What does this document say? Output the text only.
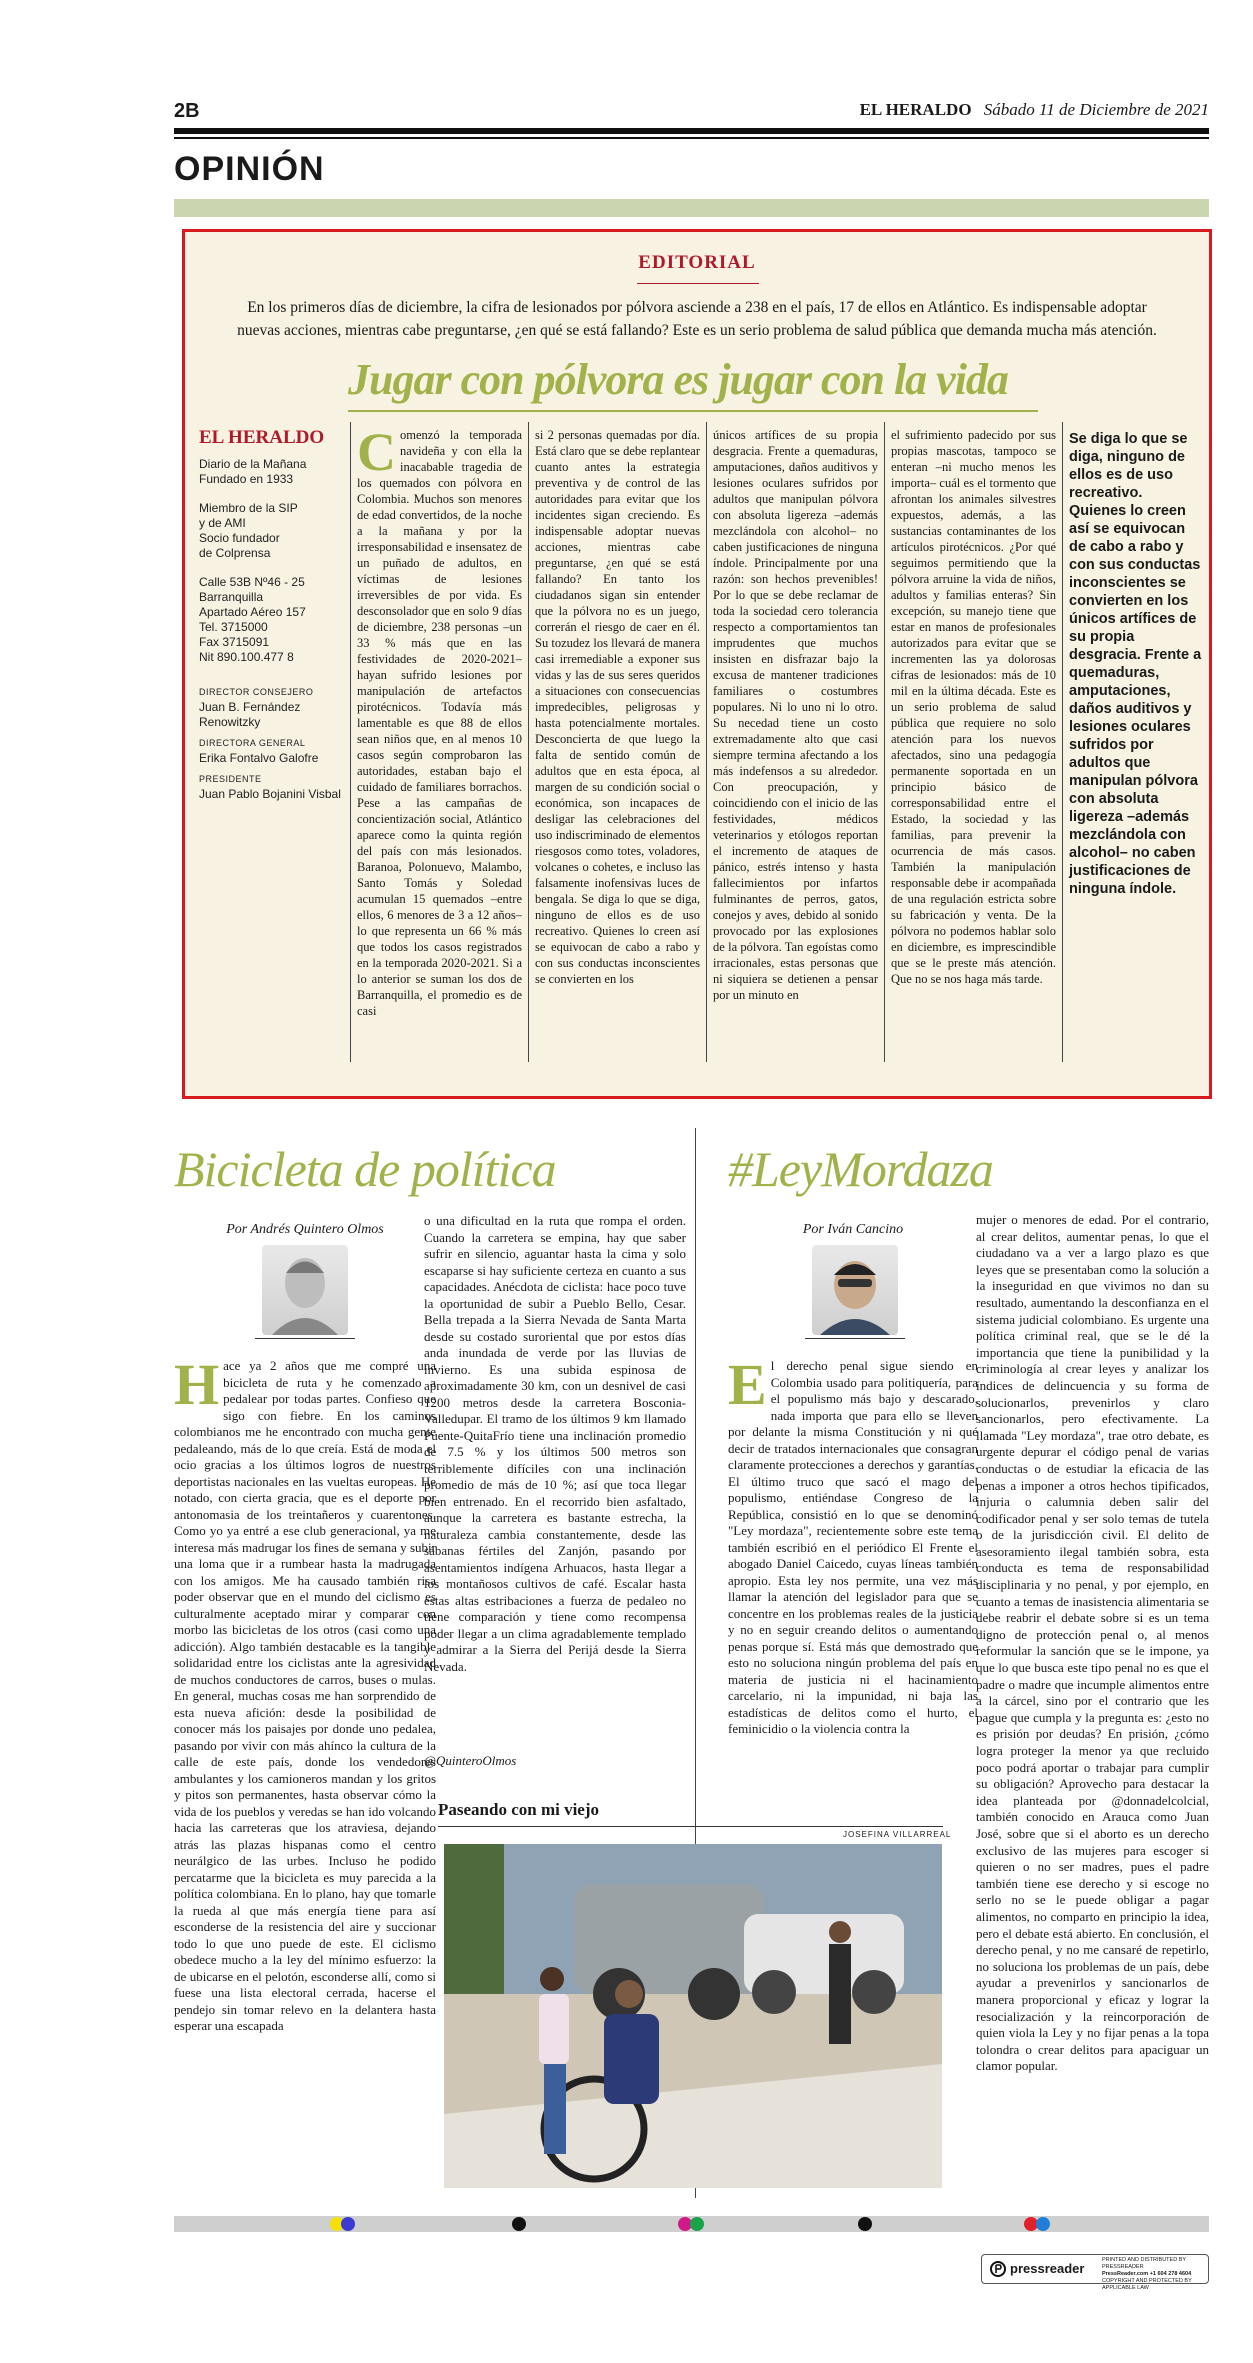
2B	EL HERALDO Sábado 11 de Diciembre de 2021
OPINIÓN
EDITORIAL
En los primeros días de diciembre, la cifra de lesionados por pólvora asciende a 238 en el país, 17 de ellos en Atlántico. Es indispensable adoptar nuevas acciones, mientras cabe preguntarse, ¿en qué se está fallando? Este es un serio problema de salud pública que demanda mucha más atención.
Jugar con pólvora es jugar con la vida
EL HERALDO
Diario de la Mañana
Fundado en 1933
Miembro de la SIP
y de AMI
Socio fundador
de Colprensa
Calle 53B Nº46 - 25
Barranquilla
Apartado Aéreo 157
Tel. 3715000
Fax 3715091
Nit 890.100.477 8
DIRECTOR CONSEJERO
Juan B. Fernández Renowitzky
DIRECTORA GENERAL
Erika Fontalvo Galofre
PRESIDENTE
Juan Pablo Bojanini Visbal
Comenzó la temporada navideña y con ella la inacabable tragedia de los quemados con pólvora en Colombia. Muchos son menores de edad convertidos, de la noche a la mañana y por la irresponsabilidad e insensatez de un puñado de adultos, en víctimas de lesiones irreversibles de por vida. Es desconsolador que en solo 9 días de diciembre, 238 personas –un 33 % más que en las festividades de 2020-2021– hayan sufrido lesiones por manipulación de artefactos pirotécnicos. Todavía más lamentable es que 88 de ellos sean niños que, en al menos 10 casos según comprobaron las autoridades, estaban bajo el cuidado de familiares borrachos. Pese a las campañas de concientización social, Atlántico aparece como la quinta región del país con más lesionados. Baranoa, Polonuevo, Malambo, Santo Tomás y Soledad acumulan 15 quemados –entre ellos, 6 menores de 3 a 12 años– lo que representa un 66 % más que todos los casos registrados en la temporada 2020-2021. Si a lo anterior se suman los dos de Barranquilla, el promedio es de casi
si 2 personas quemadas por día. Está claro que se debe replantear cuanto antes la estrategia preventiva y de control de las autoridades para evitar que los incidentes sigan creciendo. Es indispensable adoptar nuevas acciones, mientras cabe preguntarse, ¿en qué se está fallando? En tanto los ciudadanos sigan sin entender que la pólvora no es un juego, correrán el riesgo de caer en él. Su tozudez los llevará de manera casi irremediable a exponer sus vidas y las de sus seres queridos a situaciones con consecuencias impredecibles, peligrosas y hasta potencialmente mortales. Desconcierta de que luego la falta de sentido común de adultos que en esta época, al margen de su condición social o económica, son incapaces de desligar las celebraciones del uso indiscriminado de elementos riesgosos como totes, voladores, volcanes o cohetes, e incluso las falsamente inofensivas luces de bengala. Se diga lo que se diga, ninguno de ellos es de uso recreativo. Quienes lo creen así se equivocan de cabo a rabo y con sus conductas inconscientes se convierten en los
únicos artífices de su propia desgracia. Frente a quemaduras, amputaciones, daños auditivos y lesiones oculares sufridos por adultos que manipulan pólvora con absoluta ligereza –además mezclándola con alcohol– no caben justificaciones de ninguna índole. Principalmente por una razón: son hechos prevenibles! Por lo que se debe reclamar de toda la sociedad cero tolerancia respecto a comportamientos tan imprudentes que muchos insisten en disfrazar bajo la excusa de mantener tradiciones familiares o costumbres populares. Ni lo uno ni lo otro. Su necedad tiene un costo extremadamente alto que casi siempre termina afectando a los más indefensos a su alrededor. Con preocupación, y coincidiendo con el inicio de las festividades, médicos veterinarios y etólogos reportan el incremento de ataques de pánico, estrés intenso y hasta fallecimientos por infartos fulminantes de perros, gatos, conejos y aves, debido al sonido provocado por las explosiones de la pólvora. Tan egoístas como irracionales, estas personas que ni siquiera se detienen a pensar por un minuto en
el sufrimiento padecido por sus propias mascotas, tampoco se enteran –ni mucho menos les importa– cuál es el tormento que afrontan los animales silvestres expuestos, además, a las sustancias contaminantes de los artículos pirotécnicos. ¿Por qué seguimos permitiendo que la pólvora arruine la vida de niños, adultos y familias enteras? Sin excepción, su manejo tiene que estar en manos de profesionales autorizados para evitar que se incrementen las ya dolorosas cifras de lesionados: más de 10 mil en la última década. Este es un serio problema de salud pública que requiere no solo atención para los nuevos afectados, sino una pedagogía permanente soportada en un principio básico de corresponsabilidad entre el Estado, la sociedad y las familias, para prevenir la ocurrencia de más casos. También la manipulación responsable debe ir acompañada de una regulación estricta sobre su fabricación y venta. De la pólvora no podemos hablar solo en diciembre, es imprescindible que se le preste más atención. Que no se nos haga más tarde.
Se diga lo que se diga, ninguno de ellos es de uso recreativo. Quienes lo creen así se equivocan de cabo a rabo y con sus conductas inconscientes se convierten en los únicos artífices de su propia desgracia. Frente a quemaduras, amputaciones, daños auditivos y lesiones oculares sufridos por adultos que manipulan pólvora con absoluta ligereza –además mezclándola con alcohol– no caben justificaciones de ninguna índole.
Bicicleta de política
Por Andrés Quintero Olmos
Hace ya 2 años que me compré una bicicleta de ruta y he comenzado a pedalear por todas partes. Confieso que sigo con fiebre. En los caminos colombianos me he encontrado con mucha gente pedaleando, más de lo que creía. Está de moda el ocio gracias a los últimos logros de nuestros deportistas nacionales en las vueltas europeas. He notado, con cierta gracia, que es el deporte por antonomasia de los treintañeros y cuarentones. Como yo ya entré a ese club generacional, ya me interesa más madrugar los fines de semana y subir una loma que ir a rumbear hasta la madrugada con los amigos. Me ha causado también risa poder observar que en el mundo del ciclismo es culturalmente aceptado mirar y comparar con morbo las bicicletas de los otros (casi como una adicción). Algo también destacable es la tangible solidaridad entre los ciclistas ante la agresividad de muchos conductores de carros, buses o mulas. En general, muchas cosas me han sorprendido de esta nueva afición: desde la posibilidad de conocer más los paisajes por donde uno pedalea, pasando por vivir con más ahínco la cultura de la calle de este país, donde los vendedores ambulantes y los camioneros mandan y los gritos y pitos son permanentes, hasta observar cómo la vida de los pueblos y veredas se han ido volcando hacia las carreteras que los atraviesa, dejando atrás las plazas hispanas como el centro neurálgico de las urbes. Incluso he podido percatarme que la bicicleta es muy parecida a la política colombiana. En lo plano, hay que tomarle la rueda al que más energía tiene para así esconderse de la resistencia del aire y succionar todo lo que uno puede de este. El ciclismo obedece mucho a la ley del mínimo esfuerzo: la de ubicarse en el pelotón, esconderse allí, como si fuese una lista electoral cerrada, hacerse el pendejo sin tomar relevo en la delantera hasta esperar una escapada
o una dificultad en la ruta que rompa el orden. Cuando la carretera se empina, hay que saber sufrir en silencio, aguantar hasta la cima y solo escaparse si hay suficiente certeza en cuanto a sus capacidades. Anécdota de ciclista: hace poco tuve la oportunidad de subir a Pueblo Bello, Cesar. Bella trepada a la Sierra Nevada de Santa Marta desde su costado suroriental que por estos días anda inundada de verde por las lluvias de invierno. Es una subida espinosa de aproximadamente 30 km, con un desnivel de casi 1200 metros desde la carretera Bosconia-Valledupar. El tramo de los últimos 9 km llamado Puente-QuitaFrío tiene una inclinación promedio de 7.5 % y los últimos 500 metros son terriblemente difíciles con una inclinación promedio de más de 10 %; así que toca llegar bien entrenado. En el recorrido bien asfaltado, aunque la carretera es bastante estrecha, la naturaleza cambia constantemente, desde las sábanas fértiles del Zanjón, pasando por asentamientos indígena Arhuacos, hasta llegar a los montañosos cultivos de café. Escalar hasta estas altas estribaciones a fuerza de pedaleo no tiene comparación y tiene como recompensa poder llegar a un clima agradablemente templado y admirar a la Sierra del Perijá desde la Sierra Nevada.
@QuinteroOlmos
#LeyMordaza
Por Iván Cancino
El derecho penal sigue siendo en Colombia usado para politiquería, para el populismo más bajo y descarado, nada importa que para ello se lleven por delante la misma Constitución y ni qué decir de tratados internacionales que consagran claramente protecciones a derechos y garantías. El último truco que sacó el mago del populismo, entiéndase Congreso de la República, consistió en lo que se denominó "Ley mordaza", recientemente sobre este tema también escribió en el periódico El Frente el abogado Daniel Caicedo, cuyas líneas también apropio. Esta ley nos permite, una vez más llamar la atención del legislador para que se concentre en los problemas reales de la justicia y no en seguir creando delitos o aumentando penas porque sí. Está más que demostrado que esto no soluciona ningún problema del país en materia de justicia ni el hacinamiento carcelario, ni la impunidad, ni baja las estadísticas de delitos como el hurto, el feminicidio o la violencia contra la
mujer o menores de edad. Por el contrario, al crear delitos, aumentar penas, lo que el ciudadano va a ver a largo plazo es que leyes que se presentaban como la solución a la inseguridad en que vivimos no dan su resultado, aumentando la desconfianza en el sistema judicial colombiano. Es urgente una política criminal real, que se le dé la importancia que tiene la punibilidad y la criminología al crear leyes y analizar los índices de delincuencia y su forma de solucionarlos, prevenirlos y claro sancionarlos, pero efectivamente. La llamada "Ley mordaza", trae otro debate, es urgente depurar el código penal de varias conductas o de estudiar la eficacia de las penas a imponer a otros hechos tipificados, injuria o calumnia deben salir del codificador penal y ser solo temas de tutela o de la jurisdicción civil. El delito de asesoramiento ilegal también sobra, esta conducta es tema de responsabilidad disciplinaria y no penal, y por ejemplo, en cuanto a temas de inasistencia alimentaria se debe reabrir el debate sobre si es un tema digno de protección penal o, al menos reformular la sanción que se le impone, ya que lo que busca este tipo penal no es que el padre o madre que incumple alimentos entre a la cárcel, sino por el contrario que les pague que cumpla y la pregunta es: ¿esto no es prisión por deudas? En prisión, ¿cómo logra proteger la menor ya que recluido poco podrá aportar o trabajar para cumplir su obligación? Aprovecho para destacar la idea planteada por @donnadelcolcial, también conocido en Arauca como Juan José, sobre que si el aborto es un derecho exclusivo de las mujeres para escoger si quieren o no ser madres, pues el padre también tiene ese derecho y si escoge no serlo no se le puede obligar a pagar alimentos, no comparto en principio la idea, pero el debate está abierto. En conclusión, el derecho penal, y no me cansaré de repetirlo, no soluciona los problemas de un país, debe ayudar a prevenirlos y sancionarlos de manera proporcional y eficaz y lograr la resocialización y la reincorporación de quien viola la Ley y no fijar penas a la topa tolondra o crear delitos para apaciguar un clamor popular.
Paseando con mi viejo
JOSEFINA VILLARREAL
pressreader
PRINTED AND DISTRIBUTED BY PRESSREADER
PressReader.com +1 604 278 4604
COPYRIGHT AND PROTECTED BY APPLICABLE LAW
